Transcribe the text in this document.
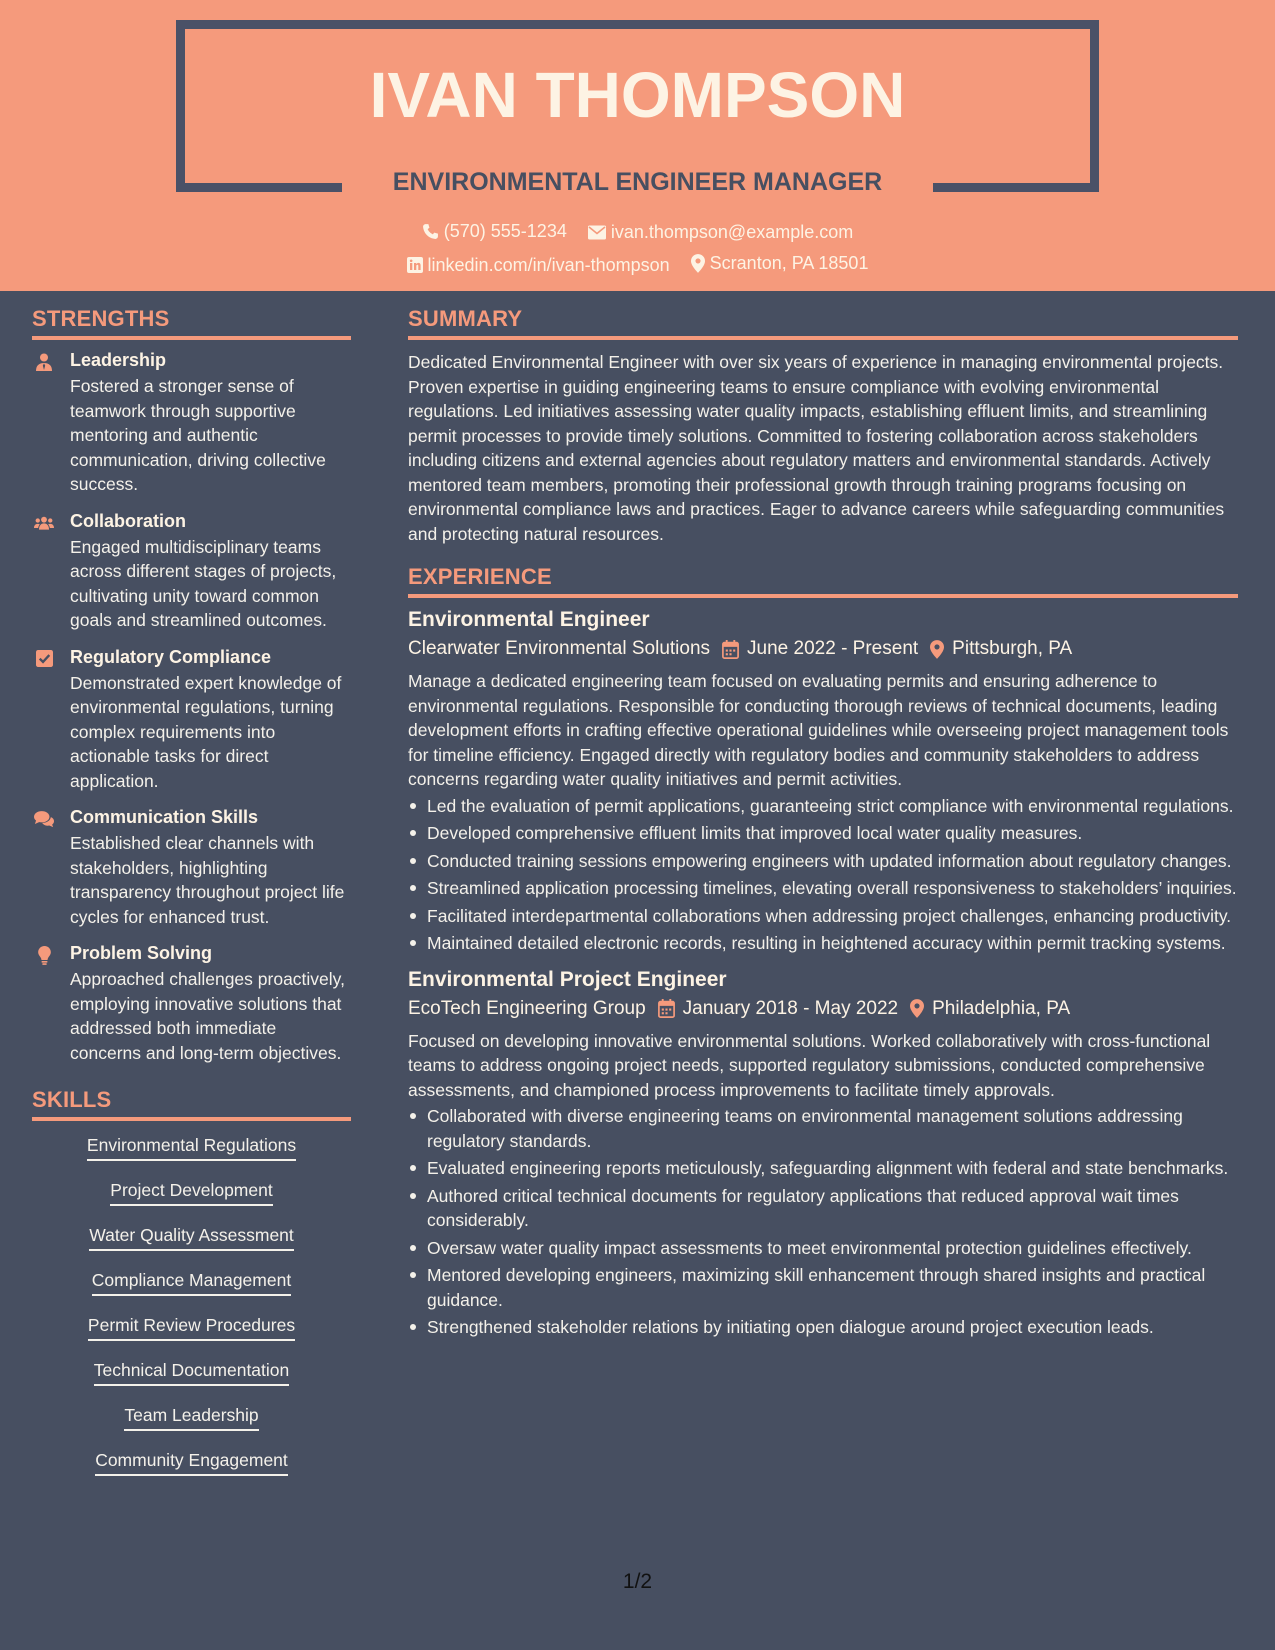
IVAN THOMPSON
ENVIRONMENTAL ENGINEER MANAGER
(570) 555-1234
ivan.thompson@example.com
linkedin.com/in/ivan-thompson
Scranton, PA 18501
STRENGTHS
Leadership
Fostered a stronger sense of teamwork through supportive mentoring and authentic communication, driving collective success.
Collaboration
Engaged multidisciplinary teams across different stages of projects, cultivating unity toward common goals and streamlined outcomes.
Regulatory Compliance
Demonstrated expert knowledge of environmental regulations, turning complex requirements into actionable tasks for direct application.
Communication Skills
Established clear channels with stakeholders, highlighting transparency throughout project life cycles for enhanced trust.
Problem Solving
Approached challenges proactively, employing innovative solutions that addressed both immediate concerns and long-term objectives.
SKILLS
Environmental Regulations
Project Development
Water Quality Assessment
Compliance Management
Permit Review Procedures
Technical Documentation
Team Leadership
Community Engagement
SUMMARY
Dedicated Environmental Engineer with over six years of experience in managing environmental projects. Proven expertise in guiding engineering teams to ensure compliance with evolving environmental regulations. Led initiatives assessing water quality impacts, establishing effluent limits, and streamlining permit processes to provide timely solutions. Committed to fostering collaboration across stakeholders including citizens and external agencies about regulatory matters and environmental standards. Actively mentored team members, promoting their professional growth through training programs focusing on environmental compliance laws and practices. Eager to advance careers while safeguarding communities and protecting natural resources.
EXPERIENCE
Environmental Engineer
Clearwater Environmental Solutions June 2022 - Present Pittsburgh, PA
Manage a dedicated engineering team focused on evaluating permits and ensuring adherence to environmental regulations. Responsible for conducting thorough reviews of technical documents, leading development efforts in crafting effective operational guidelines while overseeing project management tools for timeline efficiency. Engaged directly with regulatory bodies and community stakeholders to address concerns regarding water quality initiatives and permit activities.
Led the evaluation of permit applications, guaranteeing strict compliance with environmental regulations.
Developed comprehensive effluent limits that improved local water quality measures.
Conducted training sessions empowering engineers with updated information about regulatory changes.
Streamlined application processing timelines, elevating overall responsiveness to stakeholders’ inquiries.
Facilitated interdepartmental collaborations when addressing project challenges, enhancing productivity.
Maintained detailed electronic records, resulting in heightened accuracy within permit tracking systems.
Environmental Project Engineer
EcoTech Engineering Group January 2018 - May 2022 Philadelphia, PA
Focused on developing innovative environmental solutions. Worked collaboratively with cross-functional teams to address ongoing project needs, supported regulatory submissions, conducted comprehensive assessments, and championed process improvements to facilitate timely approvals.
Collaborated with diverse engineering teams on environmental management solutions addressing regulatory standards.
Evaluated engineering reports meticulously, safeguarding alignment with federal and state benchmarks.
Authored critical technical documents for regulatory applications that reduced approval wait times considerably.
Oversaw water quality impact assessments to meet environmental protection guidelines effectively.
Mentored developing engineers, maximizing skill enhancement through shared insights and practical guidance.
Strengthened stakeholder relations by initiating open dialogue around project execution leads.
1/2
